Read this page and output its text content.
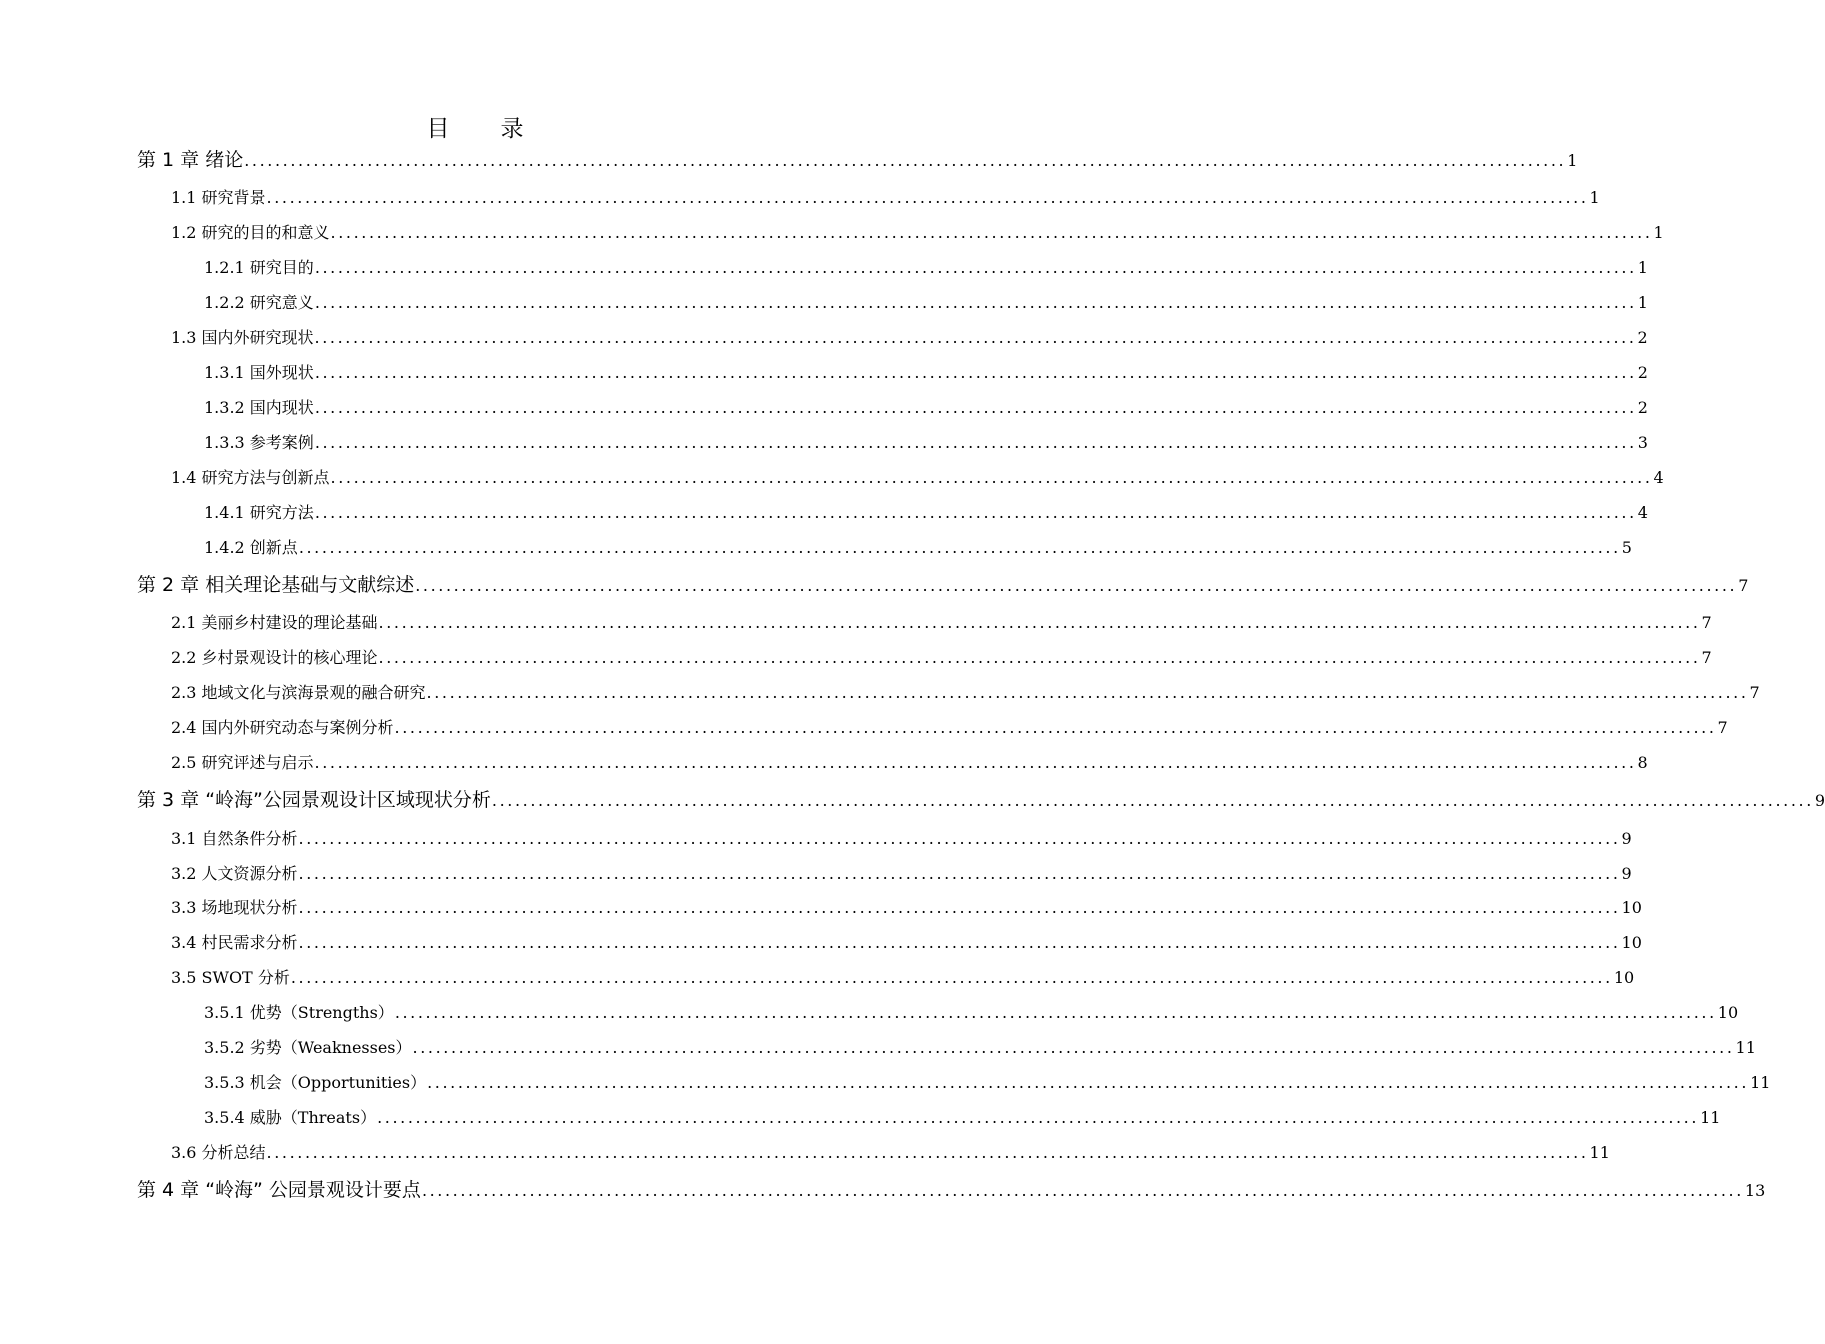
目　录
第 1 章 绪论 ............................................................................................................................................................................ 1
1.1 研究背景 ............................................................................................................................................................................ 1
1.2 研究的目的和意义 ............................................................................................................................................................................ 1
1.2.1 研究目的 ............................................................................................................................................................................ 1
1.2.2 研究意义 ............................................................................................................................................................................ 1
1.3 国内外研究现状 ............................................................................................................................................................................ 2
1.3.1 国外现状 ............................................................................................................................................................................ 2
1.3.2 国内现状 ............................................................................................................................................................................ 2
1.3.3 参考案例 ............................................................................................................................................................................ 3
1.4 研究方法与创新点 ............................................................................................................................................................................ 4
1.4.1 研究方法 ............................................................................................................................................................................ 4
1.4.2 创新点 ............................................................................................................................................................................ 5
第 2 章 相关理论基础与文献综述 ............................................................................................................................................................................ 7
2.1 美丽乡村建设的理论基础 ............................................................................................................................................................................ 7
2.2 乡村景观设计的核心理论 ............................................................................................................................................................................ 7
2.3 地域文化与滨海景观的融合研究 ............................................................................................................................................................................ 7
2.4 国内外研究动态与案例分析 ............................................................................................................................................................................ 7
2.5 研究评述与启示 ............................................................................................................................................................................ 8
第 3 章 “岭海”公园景观设计区域现状分析 ............................................................................................................................................................................ 9
3.1 自然条件分析 ............................................................................................................................................................................ 9
3.2 人文资源分析 ............................................................................................................................................................................ 9
3.3 场地现状分析 ............................................................................................................................................................................ 10
3.4 村民需求分析 ............................................................................................................................................................................ 10
3.5 SWOT 分析 ............................................................................................................................................................................ 10
3.5.1 优势（Strengths） ............................................................................................................................................................................ 10
3.5.2 劣势（Weaknesses） ............................................................................................................................................................................ 11
3.5.3 机会（Opportunities） ............................................................................................................................................................................ 11
3.5.4 威胁（Threats） ............................................................................................................................................................................ 11
3.6 分析总结 ............................................................................................................................................................................ 11
第 4 章 “岭海” 公园景观设计要点 ............................................................................................................................................................................ 13
